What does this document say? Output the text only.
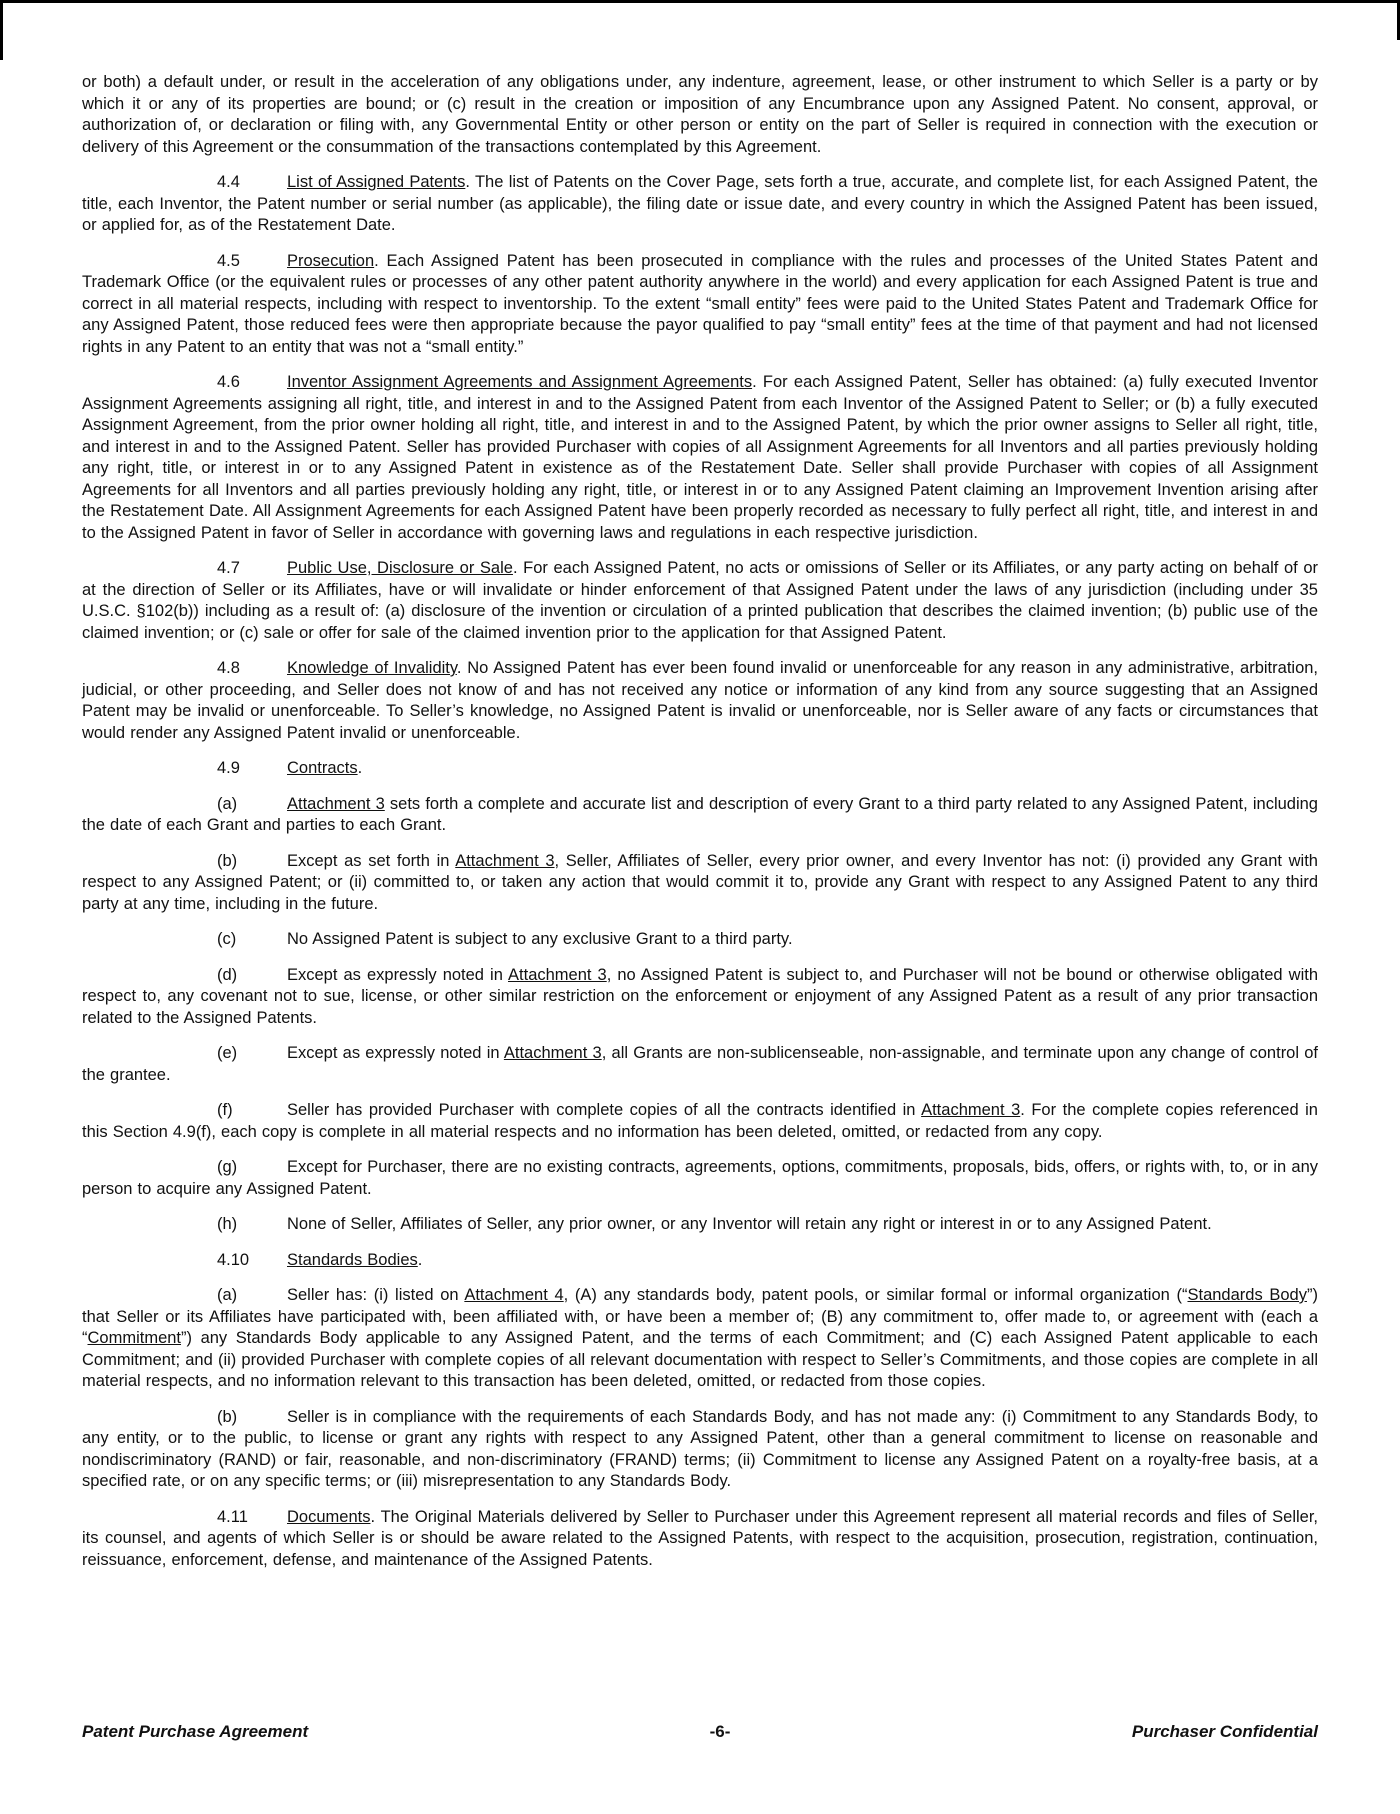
or both) a default under, or result in the acceleration of any obligations under, any indenture, agreement, lease, or other instrument to which Seller is a party or by which it or any of its properties are bound; or (c) result in the creation or imposition of any Encumbrance upon any Assigned Patent. No consent, approval, or authorization of, or declaration or filing with, any Governmental Entity or other person or entity on the part of Seller is required in connection with the execution or delivery of this Agreement or the consummation of the transactions contemplated by this Agreement.

4.4	List of Assigned Patents. The list of Patents on the Cover Page, sets forth a true, accurate, and complete list, for each Assigned Patent, the title, each Inventor, the Patent number or serial number (as applicable), the filing date or issue date, and every country in which the Assigned Patent has been issued, or applied for, as of the Restatement Date.

4.5	Prosecution. Each Assigned Patent has been prosecuted in compliance with the rules and processes of the United States Patent and Trademark Office (or the equivalent rules or processes of any other patent authority anywhere in the world) and every application for each Assigned Patent is true and correct in all material respects, including with respect to inventorship. To the extent “small entity” fees were paid to the United States Patent and Trademark Office for any Assigned Patent, those reduced fees were then appropriate because the payor qualified to pay “small entity” fees at the time of that payment and had not licensed rights in any Patent to an entity that was not a “small entity.”

4.6	Inventor Assignment Agreements and Assignment Agreements. For each Assigned Patent, Seller has obtained: (a) fully executed Inventor Assignment Agreements assigning all right, title, and interest in and to the Assigned Patent from each Inventor of the Assigned Patent to Seller; or (b) a fully executed Assignment Agreement, from the prior owner holding all right, title, and interest in and to the Assigned Patent, by which the prior owner assigns to Seller all right, title, and interest in and to the Assigned Patent. Seller has provided Purchaser with copies of all Assignment Agreements for all Inventors and all parties previously holding any right, title, or interest in or to any Assigned Patent in existence as of the Restatement Date. Seller shall provide Purchaser with copies of all Assignment Agreements for all Inventors and all parties previously holding any right, title, or interest in or to any Assigned Patent claiming an Improvement Invention arising after the Restatement Date. All Assignment Agreements for each Assigned Patent have been properly recorded as necessary to fully perfect all right, title, and interest in and to the Assigned Patent in favor of Seller in accordance with governing laws and regulations in each respective jurisdiction.

4.7	Public Use, Disclosure or Sale. For each Assigned Patent, no acts or omissions of Seller or its Affiliates, or any party acting on behalf of or at the direction of Seller or its Affiliates, have or will invalidate or hinder enforcement of that Assigned Patent under the laws of any jurisdiction (including under 35 U.S.C. §102(b)) including as a result of: (a) disclosure of the invention or circulation of a printed publication that describes the claimed invention; (b) public use of the claimed invention; or (c) sale or offer for sale of the claimed invention prior to the application for that Assigned Patent.

4.8	Knowledge of Invalidity. No Assigned Patent has ever been found invalid or unenforceable for any reason in any administrative, arbitration, judicial, or other proceeding, and Seller does not know of and has not received any notice or information of any kind from any source suggesting that an Assigned Patent may be invalid or unenforceable. To Seller’s knowledge, no Assigned Patent is invalid or unenforceable, nor is Seller aware of any facts or circumstances that would render any Assigned Patent invalid or unenforceable.

4.9	Contracts.

(a)	Attachment 3 sets forth a complete and accurate list and description of every Grant to a third party related to any Assigned Patent, including the date of each Grant and parties to each Grant.

(b)	Except as set forth in Attachment 3, Seller, Affiliates of Seller, every prior owner, and every Inventor has not: (i) provided any Grant with respect to any Assigned Patent; or (ii) committed to, or taken any action that would commit it to, provide any Grant with respect to any Assigned Patent to any third party at any time, including in the future.

(c)	No Assigned Patent is subject to any exclusive Grant to a third party.

(d)	Except as expressly noted in Attachment 3, no Assigned Patent is subject to, and Purchaser will not be bound or otherwise obligated with respect to, any covenant not to sue, license, or other similar restriction on the enforcement or enjoyment of any Assigned Patent as a result of any prior transaction related to the Assigned Patents.

(e)	Except as expressly noted in Attachment 3, all Grants are non-sublicenseable, non-assignable, and terminate upon any change of control of the grantee.

(f)	Seller has provided Purchaser with complete copies of all the contracts identified in Attachment 3. For the complete copies referenced in this Section 4.9(f), each copy is complete in all material respects and no information has been deleted, omitted, or redacted from any copy.

(g)	Except for Purchaser, there are no existing contracts, agreements, options, commitments, proposals, bids, offers, or rights with, to, or in any person to acquire any Assigned Patent.

(h)	None of Seller, Affiliates of Seller, any prior owner, or any Inventor will retain any right or interest in or to any Assigned Patent.

4.10 Standards Bodies.

(a)	Seller has: (i) listed on Attachment 4, (A) any standards body, patent pools, or similar formal or informal organization (“Standards Body”) that Seller or its Affiliates have participated with, been affiliated with, or have been a member of; (B) any commitment to, offer made to, or agreement with (each a “Commitment”) any Standards Body applicable to any Assigned Patent, and the terms of each Commitment; and (C) each Assigned Patent applicable to each Commitment; and (ii) provided Purchaser with complete copies of all relevant documentation with respect to Seller’s Commitments, and those copies are complete in all material respects, and no information relevant to this transaction has been deleted, omitted, or redacted from those copies.

(b)	Seller is in compliance with the requirements of each Standards Body, and has not made any: (i) Commitment to any Standards Body, to any entity, or to the public, to license or grant any rights with respect to any Assigned Patent, other than a general commitment to license on reasonable and nondiscriminatory (RAND) or fair, reasonable, and non-discriminatory (FRAND) terms; (ii) Commitment to license any Assigned Patent on a royalty-free basis, at a specified rate, or on any specific terms; or (iii) misrepresentation to any Standards Body.

4.11 Documents. The Original Materials delivered by Seller to Purchaser under this Agreement represent all material records and files of Seller, its counsel, and agents of which Seller is or should be aware related to the Assigned Patents, with respect to the acquisition, prosecution, registration, continuation, reissuance, enforcement, defense, and maintenance of the Assigned Patents.

Patent Purchase Agreement	-6-	Purchaser Confidential
